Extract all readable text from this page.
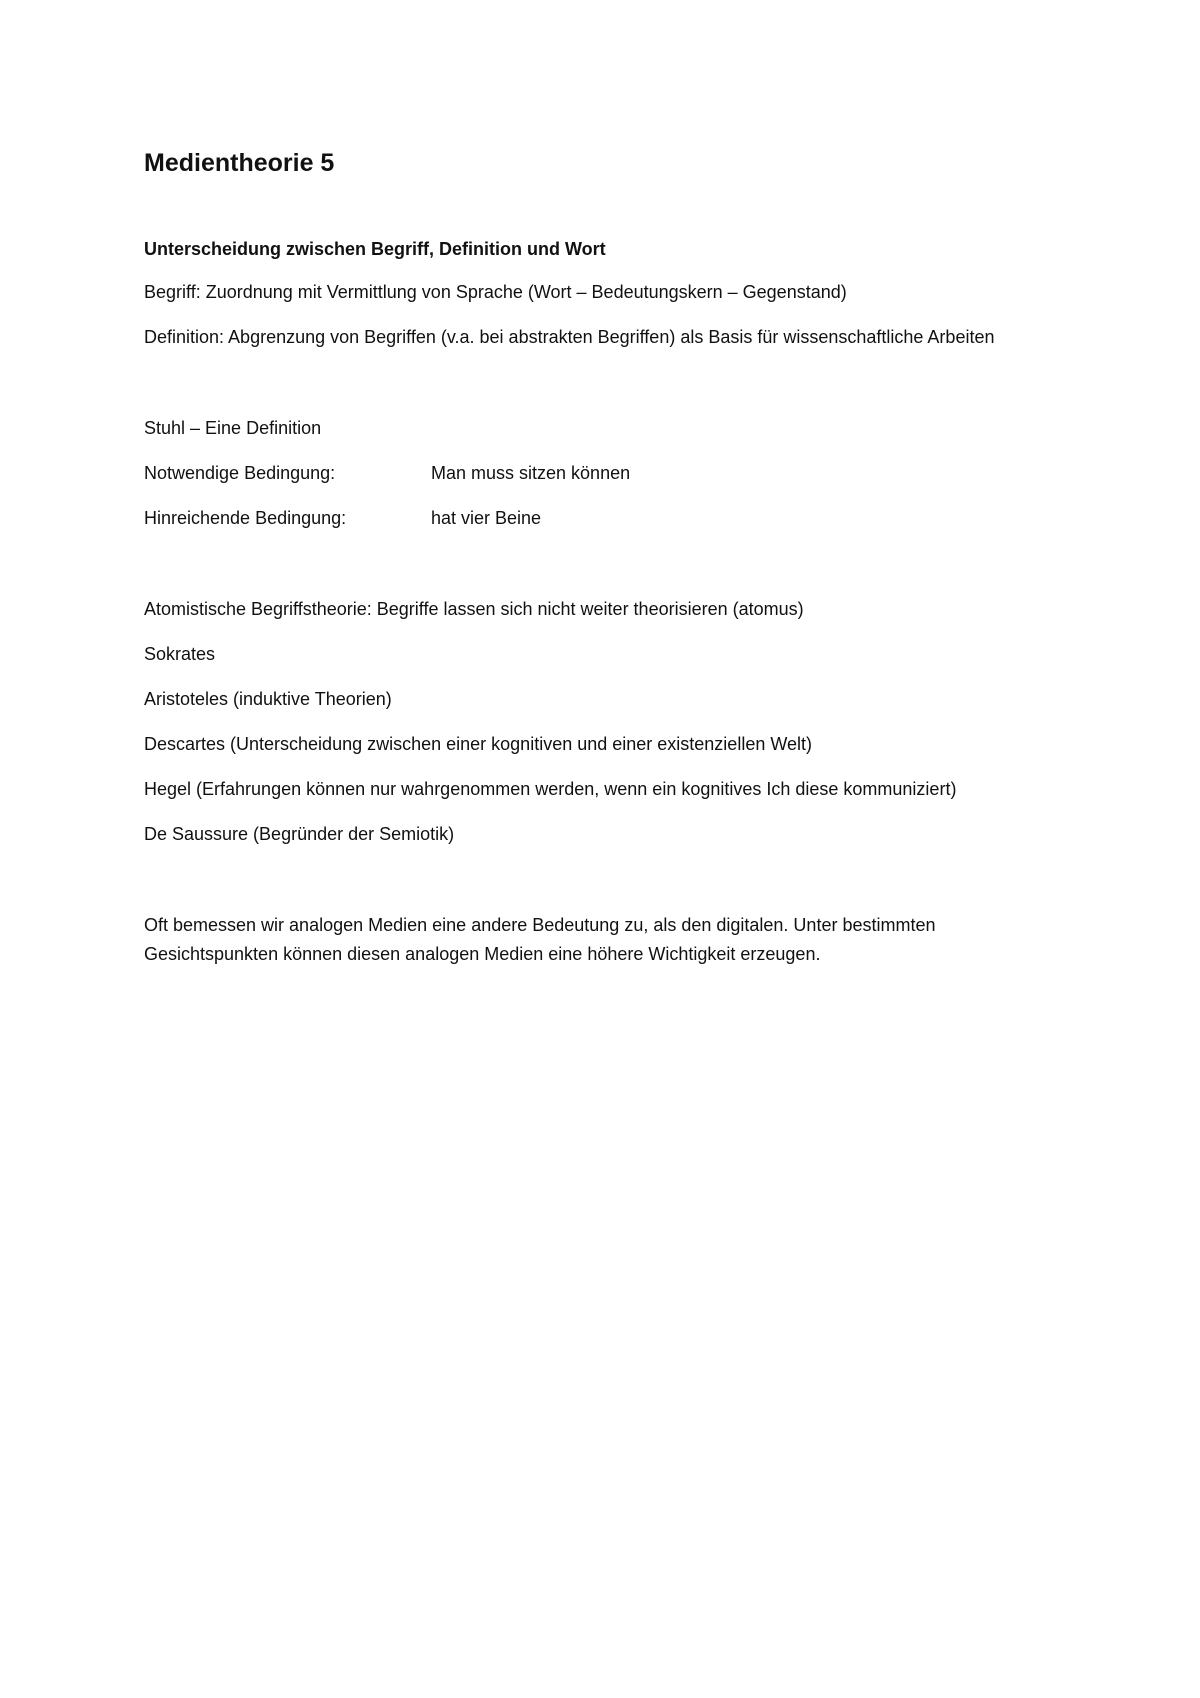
Medientheorie 5

Unterscheidung zwischen Begriff, Definition und Wort

Begriff: Zuordnung mit Vermittlung von Sprache (Wort – Bedeutungskern – Gegenstand)

Definition: Abgrenzung von Begriffen (v.a. bei abstrakten Begriffen) als Basis für wissenschaftliche Arbeiten

Stuhl – Eine Definition

Notwendige Bedingung:	Man muss sitzen können
Hinreichende Bedingung:	hat vier Beine

Atomistische Begriffstheorie: Begriffe lassen sich nicht weiter theorisieren (atomus)

Sokrates

Aristoteles (induktive Theorien)

Descartes (Unterscheidung zwischen einer kognitiven und einer existenziellen Welt)

Hegel (Erfahrungen können nur wahrgenommen werden, wenn ein kognitives Ich diese kommuniziert)

De Saussure (Begründer der Semiotik)

Oft bemessen wir analogen Medien eine andere Bedeutung zu, als den digitalen. Unter bestimmten Gesichtspunkten können diesen analogen Medien eine höhere Wichtigkeit erzeugen.
